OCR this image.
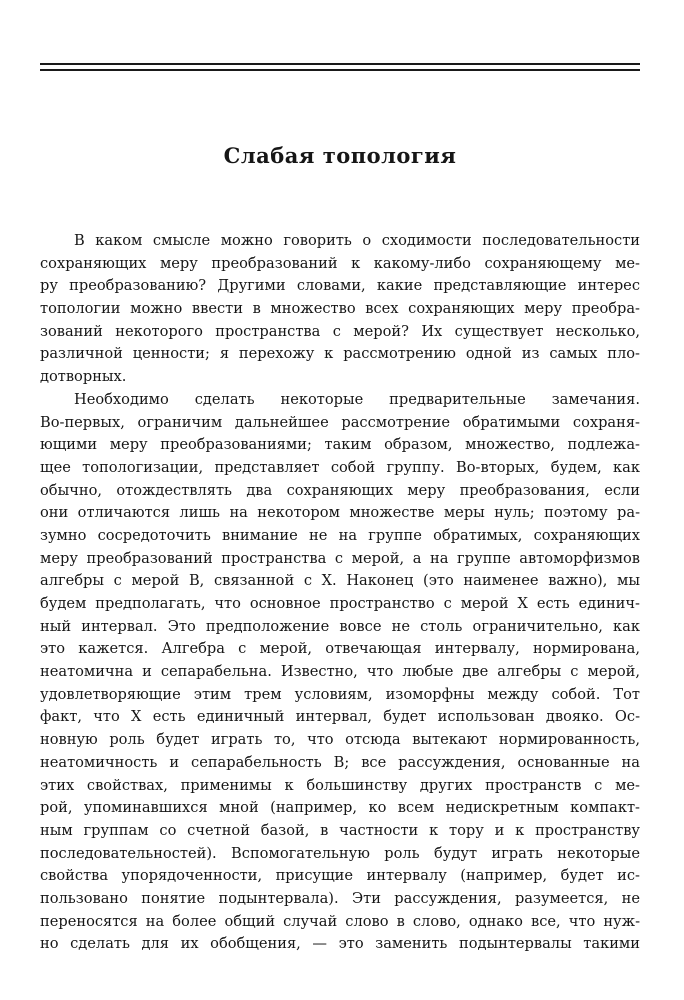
Слабая топология
В каком смысле можно говорить о сходимости последовательности
сохраняющих меру преобразований к какому-либо сохраняющему ме-
ру преобразованию? Другими словами, какие представляющие интерес
топологии можно ввести в множество всех сохраняющих меру преобра-
зований некоторого пространства с мерой? Их существует несколько,
различной ценности; я перехожу к рассмотрению одной из самых пло-
дотворных.
Необходимо сделать некоторые предварительные замечания.
Во-первых, ограничим дальнейшее рассмотрение обратимыми сохраня-
ющими меру преобразованиями; таким образом, множество, подлежа-
щее топологизации, представляет собой группу. Во-вторых, будем, как
обычно, отождествлять два сохраняющих меру преобразования, если
они отличаются лишь на некотором множестве меры нуль; поэтому ра-
зумно сосредоточить внимание не на группе обратимых, сохраняющих
меру преобразований пространства с мерой, а на группе автоморфизмов
алгебры с мерой B, связанной с X. Наконец (это наименее важно), мы
будем предполагать, что основное пространство с мерой X есть единич-
ный интервал. Это предположение вовсе не столь ограничительно, как
это кажется. Алгебра с мерой, отвечающая интервалу, нормирована,
неатомична и сепарабельна. Известно, что любые две алгебры с мерой,
удовлетворяющие этим трем условиям, изоморфны между собой. Тот
факт, что X есть единичный интервал, будет использован двояко. Ос-
новную роль будет играть то, что отсюда вытекают нормированность,
неатомичность и сепарабельность B; все рассуждения, основанные на
этих свойствах, применимы к большинству других пространств с ме-
рой, упоминавшихся мной (например, ко всем недискретным компакт-
ным группам со счетной базой, в частности к тору и к пространству
последовательностей). Вспомогательную роль будут играть некоторые
свойства упорядоченности, присущие интервалу (например, будет ис-
пользовано понятие подынтервала). Эти рассуждения, разумеется, не
переносятся на более общий случай слово в слово, однако все, что нуж-
но сделать для их обобщения, — это заменить подынтервалы такими
